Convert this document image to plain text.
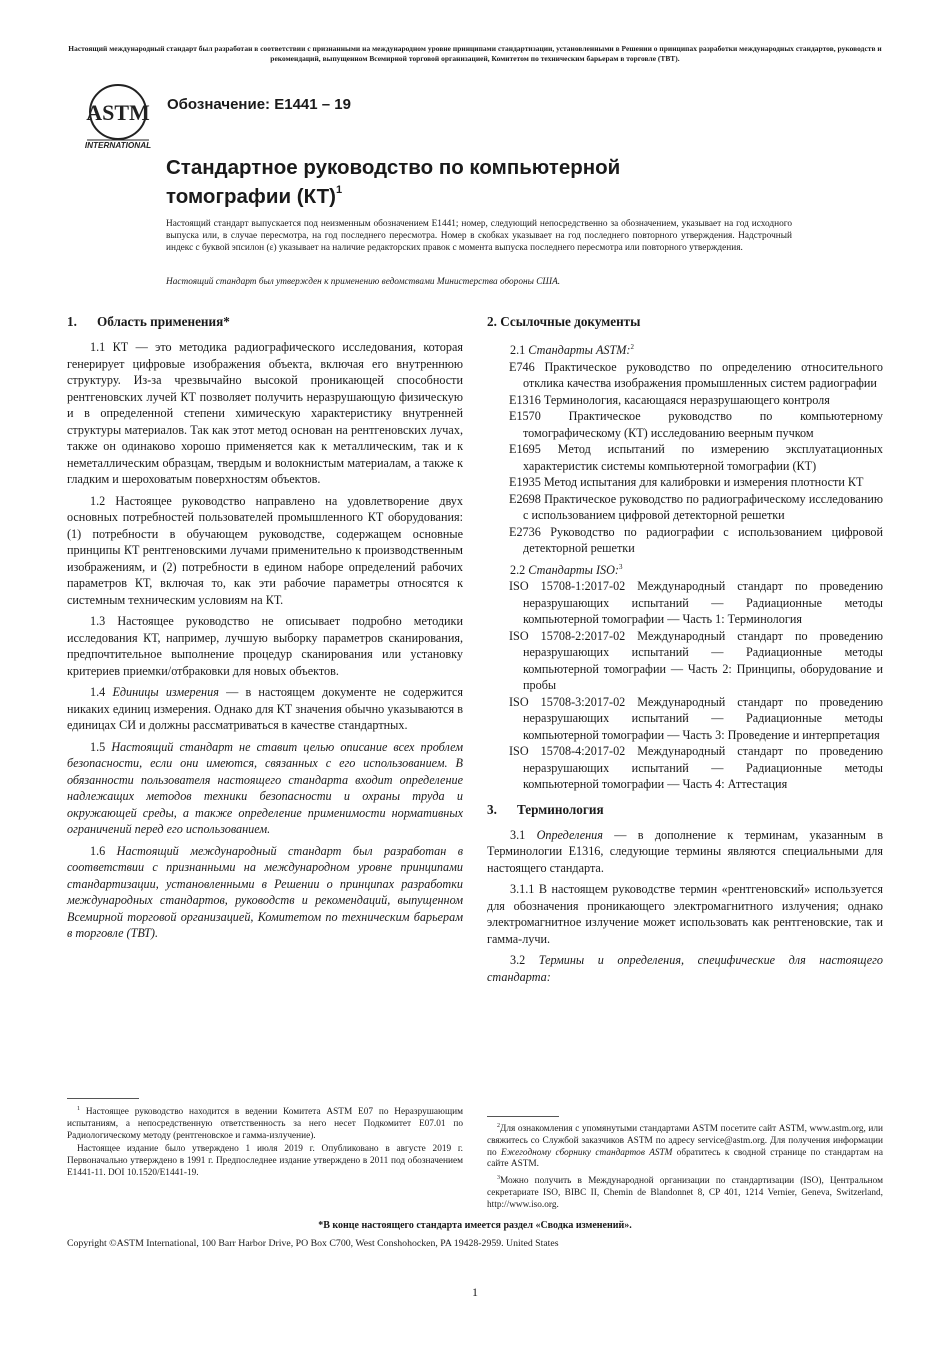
Настоящий международный стандарт был разработан в соответствии с признанными на международном уровне принципами стандартизации, установленными в Решении о принципах разработки международных стандартов, руководств и рекомендаций, выпущенном Всемирной торговой организацией, Комитетом по техническим барьерам в торговле (ТВТ).
ASTM
INTERNATIONAL
Обозначение: E1441 – 19
Стандартное руководство по компьютерной
томографии (КТ)$^1$
Настоящий стандарт выпускается под неизменным обозначением E1441; номер, следующий непосредственно за обозначением, указывает на год исходного выпуска или, в случае пересмотра, на год последнего пересмотра. Номер в скобках указывает на год последнего повторного утверждения. Надстрочный индекс с буквой эпсилон (ε) указывает на наличие редакторских правок с момента выпуска последнего пересмотра или повторного утверждения.
Настоящий стандарт был утвержден к применению ведомствами Министерства обороны США.
1. Область применения*

1.1 КТ — это методика радиографического исследования, которая генерирует цифровые изображения объекта, включая его внутреннюю структуру. Из-за чрезвычайно высокой проникающей способности рентгеновских лучей КТ позволяет получить неразрушающую физическую и в определенной степени химическую характеристику внутренней структуры материалов. Так как этот метод основан на рентгеновских лучах, также он одинаково хорошо применяется как к металлическим, так и к неметаллическим образцам, твердым и волокнистым материалам, а также к гладким и шероховатым поверхностям объектов.

1.2 Настоящее руководство направлено на удовлетворение двух основных потребностей пользователей промышленного КТ оборудования: (1) потребности в обучающем руководстве, содержащем основные принципы КТ рентгеновскими лучами применительно к производственным изображениям, и (2) потребности в едином наборе определений рабочих параметров КТ, включая то, как эти рабочие параметры относятся к системным техническим условиям на КТ.

1.3 Настоящее руководство не описывает подробно методики исследования КТ, например, лучшую выборку параметров сканирования, предпочтительное выполнение процедур сканирования или установку критериев приемки/отбраковки для новых объектов.

1.4 Единицы измерения — в настоящем документе не содержится никаких единиц измерения. Однако для КТ значения обычно указываются в единицах СИ и должны рассматриваться в качестве стандартных.

1.5 Настоящий стандарт не ставит целью описание всех проблем безопасности, если они имеются, связанных с его использованием. В обязанности пользователя настоящего стандарта входит определение надлежащих методов техники безопасности и охраны труда и окружающей среды, а также определение применимости нормативных ограничений перед его использованием.

1.6 Настоящий международный стандарт был разработан в соответствии с признанными на международном уровне принципами стандартизации, установленными в Решении о принципах разработки международных стандартов, руководств и рекомендаций, выпущенном Всемирной торговой организацией, Комитетом по техническим барьерам в торговле (ТВТ).

2. Ссылочные документы
2.1 Стандарты ASTM:$^2$
E746 Практическое руководство по определению относительного отклика качества изображения промышленных систем радиографии
E1316 Терминология, касающаяся неразрушающего контроля
E1570 Практическое руководство по компьютерному томографическому (КТ) исследованию веерным пучком
E1695 Метод испытаний по измерению эксплуатационных характеристик системы компьютерной томографии (КТ)
E1935 Метод испытания для калибровки и измерения плотности КТ
E2698 Практическое руководство по радиографическому исследованию с использованием цифровой детекторной решетки
E2736 Руководство по радиографии с использованием цифровой детекторной решетки
2.2 Стандарты ISO:$^3$
ISO 15708-1:2017-02 Международный стандарт по проведению неразрушающих испытаний — Радиационные методы компьютерной томографии — Часть 1: Терминология
ISO 15708-2:2017-02 Международный стандарт по проведению неразрушающих испытаний — Радиационные методы компьютерной томографии — Часть 2: Принципы, оборудование и пробы
ISO 15708-3:2017-02 Международный стандарт по проведению неразрушающих испытаний — Радиационные методы компьютерной томографии — Часть 3: Проведение и интерпретация
ISO 15708-4:2017-02 Международный стандарт по проведению неразрушающих испытаний — Радиационные методы компьютерной томографии — Часть 4: Аттестация
3. Терминология

3.1 Определения — в дополнение к терминам, указанным в Терминологии E1316, следующие термины являются специальными для настоящего стандарта.

3.1.1 В настоящем руководстве термин «рентгеновский» используется для обозначения проникающего электромагнитного излучения; однако электромагнитное излучение может использовать как рентгеновские, так и гамма-лучи.

3.2 Термины и определения, специфические для настоящего стандарта:

$^1$ Настоящее руководство находится в ведении Комитета ASTM E07 по Неразрушающим испытаниям, а непосредственную ответственность за него несет Подкомитет E07.01 по Радиологическому методу (рентгеновское и гамма-излучение).

Настоящее издание было утверждено 1 июля 2019 г. Опубликовано в августе 2019 г. Первоначально утверждено в 1991 г. Предпоследнее издание утверждено в 2011 под обозначением E1441-11. DOI 10.1520/E1441-19.

$^2$Для ознакомления с упомянутыми стандартами ASTM посетите сайт ASTM, www.astm.org, или свяжитесь со Службой заказчиков ASTM по адресу service@astm.org. Для получения информации по Ежегодному сборнику стандартов ASTM обратитесь к сводной странице по стандартам на сайте ASTM.

$^3$Можно получить в Международной организации по стандартизации (ISO), Центральном секретариате ISO, BIBC II, Chemin de Blandonnet 8, CP 401, 1214 Vernier, Geneva, Switzerland, http://www.iso.org.

*В конце настоящего стандарта имеется раздел «Сводка изменений».
Copyright ©ASTM International, 100 Barr Harbor Drive, PO Box C700, West Conshohocken, PA 19428-2959. United States
1
